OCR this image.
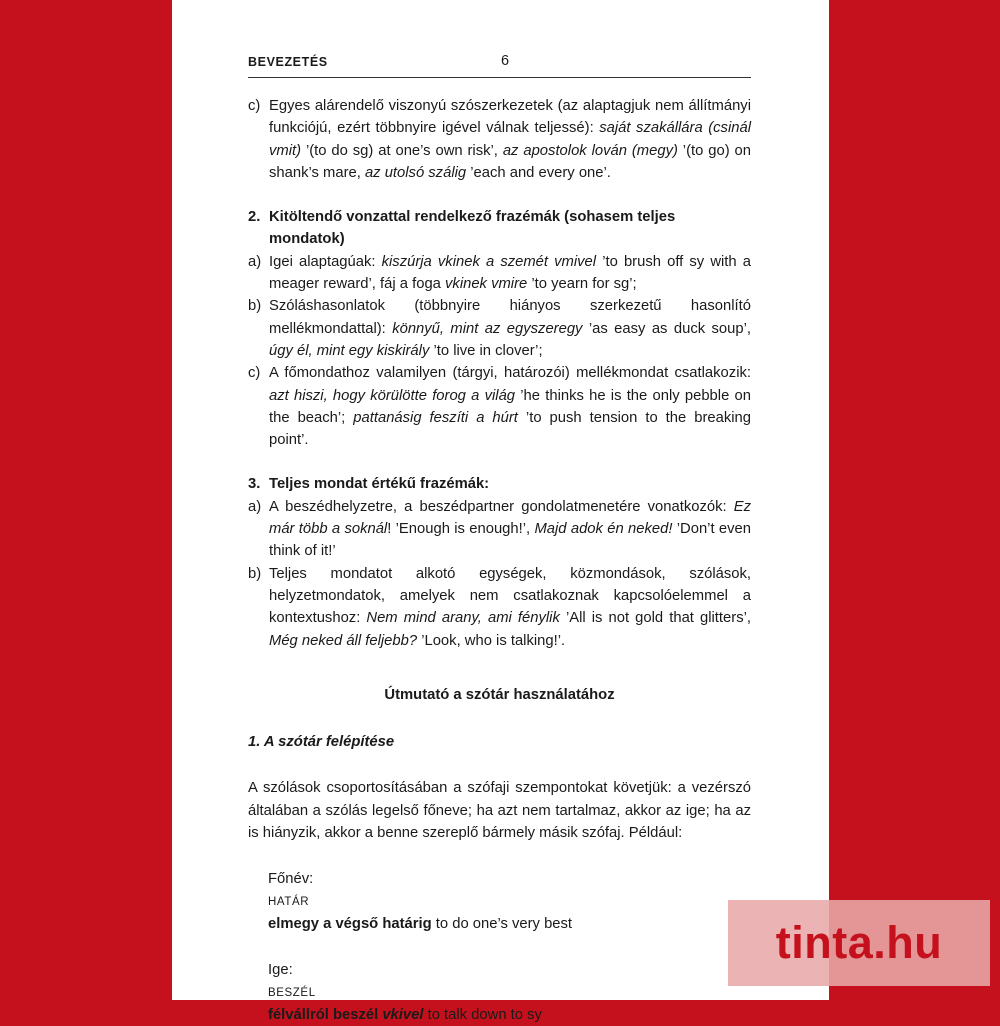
BEVEZETÉS	6
c) Egyes alárendelő viszonyú szószerkezetek (az alaptagjuk nem állítmányi funkciójú, ezért többnyire igével válnak teljessé): saját szakállára (csinál vmit) ’(to do sg) at one’s own risk’, az apostolok lován (megy) ’(to go) on shank’s mare, az utolsó szálig ’each and every one’.
2. Kitöltendő vonzattal rendelkező frazémák (sohasem teljes mondatok)
a) Igei alaptagúak: kiszúrja vkinek a szemét vmivel ’to brush off sy with a meager reward’, fáj a foga vkinek vmire ’to yearn for sg’;
b) Szóláshasonlatok (többnyire hiányos szerkezetű hasonlító mellékmondattal): könnyű, mint az egyszeregy ’as easy as duck soup’, úgy él, mint egy kiskirály ’to live in clover’;
c) A főmondathoz valamilyen (tárgyi, határozói) mellékmondat csatlakozik: azt hiszi, hogy körülötte forog a világ ’he thinks he is the only pebble on the beach’; pattanásig feszíti a húrt ’to push tension to the breaking point’.
3. Teljes mondat értékű frazémák:
a) A beszédhelyzetre, a beszédpartner gondolatmenetére vonatkozók: Ez már több a soknál! ’Enough is enough!’, Majd adok én neked! ’Don’t even think of it!’
b) Teljes mondatot alkotó egységek, közmondások, szólások, helyzetmondatok, amelyek nem csatlakoznak kapcsolóelemmel a kontextushoz: Nem mind arany, ami fénylik ’All is not gold that glitters’, Még neked áll feljebb? ’Look, who is talking!’.
Útmutató a szótár használatához
1. A szótár felépítése
A szólások csoportosításában a szófaji szempontokat követjük: a vezérszó általában a szólás legelső főneve; ha azt nem tartalmaz, akkor az ige; ha az is hiányzik, akkor a benne szereplő bármely másik szófaj. Például:
Főnév:
HATÁR
elmegy a végső határig to do one’s very best
Ige:
BESZÉL
félvállról beszél vkivel to talk down to sy
tinta.hu
